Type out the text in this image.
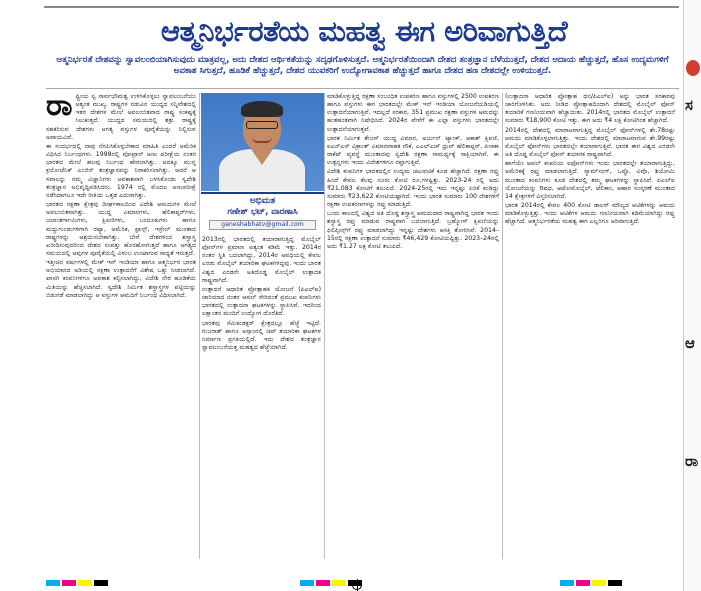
ಆತ್ಮನಿರ್ಭರತೆಯ ಮಹತ್ವ ಈಗ ಅರಿವಾಗುತ್ತಿದೆ
ಆತ್ಮನಿರ್ಭರತೆ ದೇಶವನ್ನು ಸ್ವಾವಲಂಬಿಯಾಗಿಸುವುದು ಮಾತ್ರವಲ್ಲ, ಅದು ದೇಶದ ಆರ್ಥಿಕತೆಯನ್ನು ಸದೃಢಗೊಳಿಸುತ್ತದೆ. ಆತ್ಮನಿರ್ಭರತೆಯಿಂದಾಗಿ ದೇಶದ ತಂತ್ರಜ್ಞಾನ ಬೆಳೆಯುತ್ತದೆ, ದೇಶದ ಆದಾಯ ಹೆಚ್ಚುತ್ತದೆ, ಹೊಸ ಉದ್ಯಮಗಳಿಗೆ ಅವಕಾಶ ಸಿಗುತ್ತದೆ, ಹೂಡಿಕೆ ಹೆಚ್ಚುತ್ತದೆ, ದೇಶದ ಯುವಕರಿಗೆ ಉದ್ಯೋಗಾವಕಾಶ ಹೆಚ್ಚುತ್ತದೆ ಹಾಗೂ ದೇಶದ ಹಣ ದೇಶದಲ್ಲೇ ಉಳಿಯುತ್ತದೆ.
ರಾ ಷ್ಟ್ರೀಯ ಸ್ವ ಸಾರ್ವಭೌಮತ್ವ ಉಳಿಸಿಕೊಳ್ಳಲು ಸ್ವಾವಲಂಬನೆಯು ಅತ್ಯಂತ ಮುಖ್ಯ. ರಾಷ್ಟ್ರಗಳ ನಡುವಿನ ಯುದ್ಧದ ಸನ್ನಿವೇಶದಲ್ಲಿ ಇತರ ದೇಶಗಳ ಮೇಲೆ ಅವಲಂಬಿತವಾದ ರಾಷ್ಟ್ರ ಸಂಕಷ್ಟಕ್ಕೆ ಸಿಲುಕುತ್ತದೆ. ಯುದ್ಧದ ಸಮಯದಲ್ಲಿ ಶತ್ರು ರಾಷ್ಟ್ರಕ್ಕೆ ಸಹಕರಿಸುವ ದೇಶಗಳು ಅಗತ್ಯ ವಸ್ತುಗಳ ಪೂರೈಕೆಯನ್ನು ನಿಲ್ಲಿಸುವ ಅಪಾಯವಿದೆ.

ಈ ಸಂದರ್ಭದಲ್ಲಿ ನಾವು ನೆನಪಿಸಿಕೊಳ್ಳಬೇಕಾದ ಮಾಹಿತಿ ಎಂದರೆ ಅಮೆರಿಕ ವಿಧಿಸಿದ ನಿರ್ಬಂಧಗಳು. 1998ರಲ್ಲಿ ಪೋಖ್ರಾನ್ ಅಣು ಪರೀಕ್ಷೆಯ ನಂತರ ಭಾರತದ ಮೇಲೆ ಹಲವು ನಿರ್ಬಂಧ ಹೇರಲಾಗಿತ್ತು. ಅದಕ್ಕೂ ಮುನ್ನ ಕ್ರಯೋಜೆನಿಕ್ ಎಂಜಿನ್ ತಂತ್ರಜ್ಞಾನವನ್ನು ನಿರಾಕರಿಸಲಾಗಿತ್ತು. ಆದರೆ ಆ ಸವಾಲನ್ನು ನಮ್ಮ ವಿಜ್ಞಾನಿಗಳು ಅವಕಾಶವಾಗಿ ಬಳಸಿಕೊಂಡು ಸ್ವದೇಶಿ ತಂತ್ರಜ್ಞಾನ ಅಭಿವೃದ್ಧಿಪಡಿಸಿದರು. 1974 ರಲ್ಲಿ ಮೊದಲ ಅಣುಪರೀಕ್ಷೆ ನಡೆಸಿದಾಗಲೂ ಇದೇ ರೀತಿಯ ಒತ್ತಡ ಎದುರಾಗಿತ್ತು.

ಭಾರತದ ರಕ್ಷಣಾ ಕ್ಷೇತ್ರವು ದೀರ್ಘಕಾಲದಿಂದ ವಿದೇಶಿ ಆಮದುಗಳ ಮೇಲೆ ಅವಲಂಬಿತವಾಗಿತ್ತು. ಯುದ್ಧ ವಿಮಾನಗಳು, ಹೆಲಿಕಾಪ್ಟರ್‌ಗಳು, ಜಲಾಂತರ್ಗಾಮಿಗಳು, ಕ್ಷಿಪಣಿಗಳು, ಬಂದೂಕುಗಳು ಹಾಗೂ ಮದ್ದುಗುಂಡುಗಳಿಗಾಗಿ ರಷ್ಯಾ, ಅಮೆರಿಕ, ಫ್ರಾನ್ಸ್, ಇಸ್ರೇಲ್ ಮುಂತಾದ ರಾಷ್ಟ್ರಗಳನ್ನು ಆಶ್ರಯಿಸಬೇಕಾಗಿತ್ತು. ಬೇರೆ ದೇಶಗಳಿಂದ ಶಸ್ತ್ರಾಸ್ತ್ರ ಖರೀದಿಸುವುದರಿಂದ ದೇಶದ ಸಂಪತ್ತು ಹೊರಹೋಗುತ್ತದೆ ಹಾಗೂ ಅಗತ್ಯದ ಸಮಯದಲ್ಲಿ ಅವುಗಳ ಪೂರೈಕೆಯಲ್ಲಿ ವಿಳಂಬ ಉಂಟಾಗುವ ಸಾಧ್ಯತೆ ಇರುತ್ತದೆ.

ಇತ್ತೀಚಿನ ವರ್ಷಗಳಲ್ಲಿ ಮೇಕ್ ಇನ್ ಇಂಡಿಯಾ ಹಾಗೂ ಆತ್ಮನಿರ್ಭರ ಭಾರತ ಅಭಿಯಾನದ ಅಡಿಯಲ್ಲಿ ರಕ್ಷಣಾ ಉತ್ಪಾದನೆಗೆ ವಿಶೇಷ ಒತ್ತು ನೀಡಲಾಗಿದೆ. ಖಾಸಗಿ ಕಂಪನಿಗಳಿಗೂ ಅವಕಾಶ ಕಲ್ಪಿಸಲಾಗಿದ್ದು, ವಿದೇಶಿ ನೇರ ಹೂಡಿಕೆಯ ಮಿತಿಯನ್ನು ಹೆಚ್ಚಿಸಲಾಗಿದೆ. ಸ್ವದೇಶಿ ನಿರ್ಮಿತ ಶಸ್ತ್ರಾಸ್ತ್ರಗಳ ಪಟ್ಟಿಯನ್ನು ಬಿಡುಗಡೆ ಮಾಡಲಾಗಿದ್ದು ಆ ವಸ್ತುಗಳ ಆಮದಿಗೆ ನಿರ್ಬಂಧ ವಿಧಿಸಲಾಗಿದೆ.

ಅಭಿಮತ
ಗಣೇಶ್ ಭಟ್, ವಾರಣಾಸಿ
ganeshabhatv@gmail.com

2013ರಲ್ಲಿ ಭಾರತದಲ್ಲಿ ತಯಾರಾಗುತ್ತಿದ್ದ ಮೊಬೈಲ್ ಫೋನ್‌ಗಳ ಪ್ರಮಾಣ ಅತ್ಯಂತ ಕಡಿಮೆ ಇತ್ತು. 2014ರ ನಂತರ ಸ್ಥಿತಿ ಬದಲಾಗಿದ್ದು, 2014ರ ಅವಧಿಯಲ್ಲಿ ಕೇವಲ ಎರಡು ಮೊಬೈಲ್ ತಯಾರಿಕಾ ಘಟಕಗಳಿದ್ದವು. ಇಂದು ಭಾರತ ವಿಶ್ವದ ಎರಡನೇ ಅತಿದೊಡ್ಡ ಮೊಬೈಲ್ ಉತ್ಪಾದಕ ರಾಷ್ಟ್ರವಾಗಿದೆ.

ಉತ್ಪಾದನೆ ಆಧಾರಿತ ಪ್ರೋತ್ಸಾಹಕ ಯೋಜನೆ (ಪಿಎಲ್‌ಐ) ಜಾರಿಯಾದ ನಂತರ ಆಪಲ್ ಸೇರಿದಂತೆ ಪ್ರಮುಖ ಕಂಪನಿಗಳು ಭಾರತದಲ್ಲಿ ಉತ್ಪಾದನಾ ಘಟಕಗಳನ್ನು ಸ್ಥಾಪಿಸಿವೆ. ಇದರಿಂದ ಲಕ್ಷಾಂತರ ಮಂದಿಗೆ ಉದ್ಯೋಗ ದೊರೆತಿದೆ.

ಭಾರತವು ಸೆಮಿಕಂಡಕ್ಟರ್ ಕ್ಷೇತ್ರದಲ್ಲೂ ಹೆಜ್ಜೆ ಇಟ್ಟಿದೆ. ಗುಜರಾತ್ ಹಾಗೂ ಅಸ್ಸಾಂನಲ್ಲಿ ಚಿಪ್ ತಯಾರಿಕಾ ಘಟಕಗಳ ನಿರ್ಮಾಣ ಪ್ರಗತಿಯಲ್ಲಿದೆ. ಇದು ದೇಶದ ತಂತ್ರಜ್ಞಾನ ಸ್ವಾವಲಂಬನೆಯತ್ತ ಮಹತ್ವದ ಹೆಜ್ಜೆಯಾಗಿದೆ.

ಮಾಡಿಕೊಳ್ಳುತ್ತಿದ್ದ ರಕ್ಷಣಾ ಸಂಬಂಧಿತ ಉಪಕರಣ ಹಾಗೂ ವಸ್ತುಗಳಲ್ಲಿ 2500 ಉಪಕರಣ ಹಾಗೂ ವಸ್ತುಗಳು ಈಗ ಭಾರತದಲ್ಲೇ ಮೇಕ್ ಇನ್ ಇಂಡಿಯಾ ಯೋಜನೆಯಡಿಯಲ್ಲಿ ಉತ್ಪಾದನೆಯಾಗುತ್ತಿವೆ. ಇದಲ್ಲದೆ ಸರಕಾರ, 351 ಪ್ರಮುಖ ರಕ್ಷಣಾ ವಸ್ತುಗಳ ಆಮದನ್ನು ಹಂತಹಂತವಾಗಿ ನಿಷೇಧಿಸಿದೆ. 2024ರ ವೇಳೆಗೆ ಈ ಎಲ್ಲಾ ವಸ್ತುಗಳು ಭಾರತದಲ್ಲೇ ಉತ್ಪಾದನೆಯಾಗುತ್ತವೆ.

ಭಾರತ ನಿರ್ಮಿತ ತೇಜಸ್ ಯುದ್ಧ ವಿಮಾನ, ಅರ್ಜುನ್ ಟ್ಯಾಂಕ್, ಆಕಾಶ್ ಕ್ಷಿಪಣಿ, ಐಎನ್‌ಎಸ್ ವಿಕ್ರಾಂತ್ ವಿಮಾನವಾಹಕ ನೌಕೆ, ಎಎಲ್‌ಎಚ್ ಧ್ರುವ್ ಹೆಲಿಕಾಪ್ಟರ್, ಪಿನಾಕಾ ರಾಕೆಟ್ ವ್ಯವಸ್ಥೆ ಮುಂತಾದವು ಸ್ವದೇಶಿ ರಕ್ಷಣಾ ಸಾಮರ್ಥ್ಯಕ್ಕೆ ಸಾಕ್ಷಿಯಾಗಿವೆ. ಈ ಉತ್ಪನ್ನಗಳು ಇಂದು ವಿದೇಶಗಳಿಗೂ ರಫ್ತಾಗುತ್ತಿವೆ.

ವಿದೇಶಿ ಕಂಪನಿಗಳ ಭಾರತದಲ್ಲಿನ ಉದ್ಯಮ ಚಟುವಟಿಕೆ ಕೂಡ ಹೆಚ್ಚಾಗಿದೆ. ರಕ್ಷಣಾ ರಫ್ತು ಹಿಂದೆ ಕೇವಲ ಕೆಲವು ನೂರು ಕೋಟಿ ರೂ.ಗಳಷ್ಟಿತ್ತು. 2023-24 ರಲ್ಲಿ ಅದು ₹21,083 ಕೋಟಿಗೆ ತಲುಪಿದೆ. 2024-25ರಲ್ಲಿ ಇದು ಇನ್ನಷ್ಟು ಏರಿಕೆ ಕಂಡಿದ್ದು ಸುಮಾರು ₹23,622 ಕೋಟಿಯಷ್ಟಾಗಿದೆ. ಇಂದು ಭಾರತ ಸುಮಾರು 100 ದೇಶಗಳಿಗೆ ರಕ್ಷಣಾ ಉಪಕರಣಗಳನ್ನು ರಫ್ತು ಮಾಡುತ್ತಿದೆ.

ಒಂದು ಕಾಲದಲ್ಲಿ ವಿಶ್ವದ ಅತಿ ದೊಡ್ಡ ಶಸ್ತ್ರಾಸ್ತ್ರ ಆಮದುದಾರ ರಾಷ್ಟ್ರವಾಗಿದ್ದ ಭಾರತ ಇಂದು ಶಸ್ತ್ರಾಸ್ತ್ರ ರಫ್ತು ಮಾಡುವ ರಾಷ್ಟ್ರವಾಗಿ ಬದಲಾಗುತ್ತಿದೆ. ಬ್ರಹ್ಮೋಸ್ ಕ್ಷಿಪಣಿಯನ್ನು ಫಿಲಿಪ್ಪೀನ್ಸ್‌ಗೆ ರಫ್ತು ಮಾಡಲಾಗಿದ್ದು ಇನ್ನಷ್ಟು ದೇಶಗಳು ಆಸಕ್ತಿ ತೋರಿಸಿವೆ. 2014–15ರಲ್ಲಿ ರಕ್ಷಣಾ ಉತ್ಪಾದನೆ ಸುಮಾರು ₹46,429 ಕೋಟಿಯಷ್ಟಿತ್ತು. 2023–24ರಲ್ಲಿ ಅದು ₹1.27 ಲಕ್ಷ ಕೋಟಿ ತಲುಪಿದೆ.

(ಉತ್ಪಾದನಾ ಆಧಾರಿತ ಪ್ರೋತ್ಸಾಹ ಧನ/ಪಿಎಲ್‌ಐ) ಅನ್ನು ಭಾರತ ಸರಕಾರವು ಜಾರಿಗೊಳಿಸಿತು. ಅದು ನೀಡಿದ ಪ್ರೋತ್ಸಾಹದಿಂದಾಗಿ ದೇಶದಲ್ಲಿ ಮೊಬೈಲ್ ಫೋನ್ ತಯಾರಿಕೆ ಗಣನೀಯವಾಗಿ ಹೆಚ್ಚಾಯಿತು. 2014ರಲ್ಲಿ ಭಾರತದ ಮೊಬೈಲ್ ಉತ್ಪಾದನೆ ಸುಮಾರು ₹18,900 ಕೋಟಿ ಇತ್ತು. ಈಗ ಅದು ₹4 ಲಕ್ಷ ಕೋಟಿಗಿಂತ ಹೆಚ್ಚಾಗಿದೆ.

2014ರಲ್ಲಿ ದೇಶದಲ್ಲಿ ಮಾರಾಟವಾಗುತ್ತಿದ್ದ ಮೊಬೈಲ್ ಫೋನ್‌ಗಳಲ್ಲಿ ಶೇ.78ರಷ್ಟು ಆಮದು ಮಾಡಿಕೊಳ್ಳಲಾಗುತ್ತಿತ್ತು. ಇಂದು ದೇಶದಲ್ಲಿ ಮಾರಾಟವಾಗುವ ಶೇ.99ರಷ್ಟು ಮೊಬೈಲ್ ಫೋನ್‌ಗಳು ಭಾರತದಲ್ಲೇ ತಯಾರಾಗುತ್ತಿವೆ. ಭಾರತ ಈಗ ವಿಶ್ವದ ಎರಡನೇ ಅತಿ ದೊಡ್ಡ ಮೊಬೈಲ್ ಫೋನ್ ತಯಾರಕ ರಾಷ್ಟ್ರವಾಗಿದೆ.

ಹಾಗೆಯೇ ಆಪಲ್ ಕಂಪನಿಯ ಐಫೋನ್‌ಗಳು ಇಂದು ಭಾರತದಲ್ಲೇ ತಯಾರಾಗುತ್ತಿದ್ದು, ಅಮೆರಿಕಕ್ಕೆ ರಫ್ತು ಮಾಡಲಾಗುತ್ತಿದೆ. ಸ್ಯಾಮ್‌ಸಂಗ್, ಒಪ್ಪೊ, ವಿವೊ, ಶಿಯೋಮಿ ಮುಂತಾದ ಕಂಪನಿಗಳು ಕೂಡ ದೇಶದಲ್ಲಿ ತಮ್ಮ ಘಟಕಗಳನ್ನು ಸ್ಥಾಪಿಸಿವೆ. ಪಿಎಲ್‌ಐ ಯೋಜನೆಯನ್ನು ಔಷಧ, ಆಟೋಮೊಬೈಲ್, ಟೆಲಿಕಾಂ, ಆಹಾರ ಸಂಸ್ಕರಣೆ ಮುಂತಾದ 14 ಕ್ಷೇತ್ರಗಳಿಗೆ ವಿಸ್ತರಿಸಲಾಗಿದೆ.

ಭಾರತ 2014ರಲ್ಲಿ ಕೇವಲ 400 ಕೋಟಿ ಡಾಲರ್ ಮೌಲ್ಯದ ಆಟಿಕೆಗಳನ್ನು ಆಮದು ಮಾಡಿಕೊಳ್ಳುತ್ತಿತ್ತು. ಇಂದು ಆಟಿಕೆಗಳ ಆಮದು ಗಣನೀಯವಾಗಿ ಕಡಿಮೆಯಾಗಿದ್ದು ರಫ್ತು ಹೆಚ್ಚಾಗಿದೆ. ಆತ್ಮನಿರ್ಭರತೆಯ ಮಹತ್ವ ಈಗ ಎಲ್ಲರಿಗೂ ಅರಿವಾಗುತ್ತಿದೆ.

ಸ
ಆ
ರಾ
